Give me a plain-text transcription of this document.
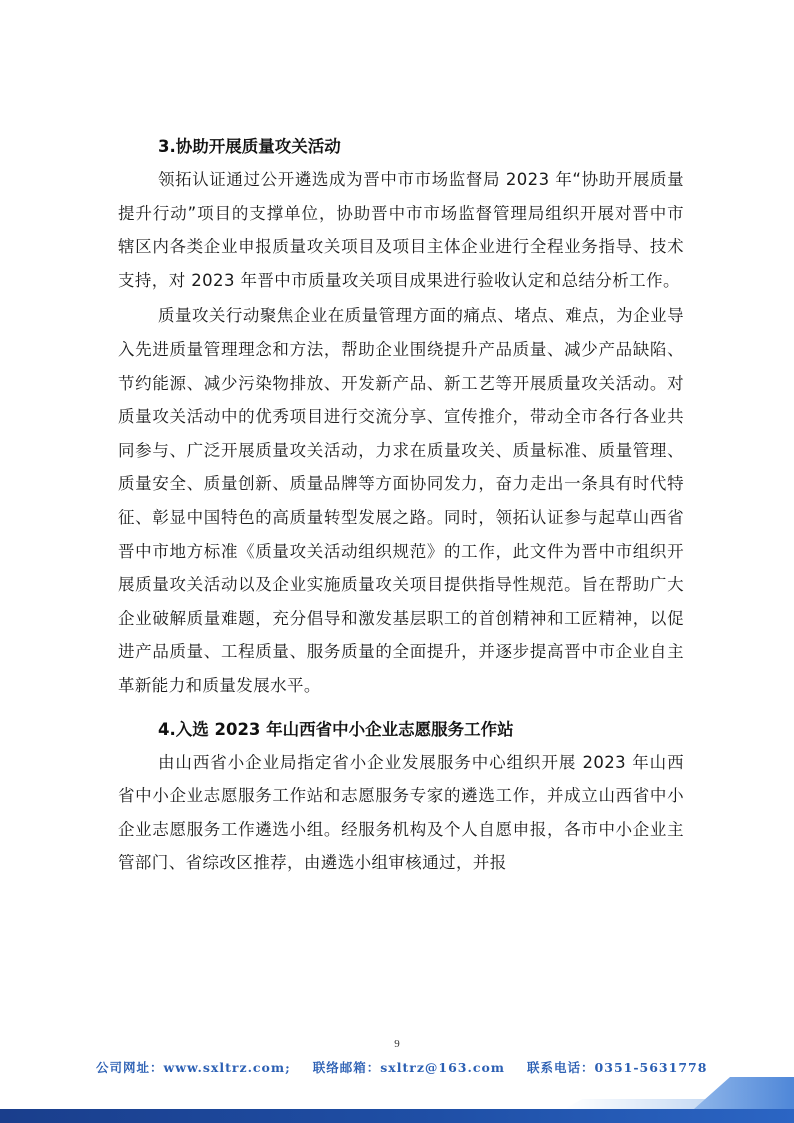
3.协助开展质量攻关活动

领拓认证通过公开遴选成为晋中市市场监督局 2023 年“协助开展质量提升行动”项目的支撑单位，协助晋中市市场监督管理局组织开展对晋中市辖区内各类企业申报质量攻关项目及项目主体企业进行全程业务指导、技术支持，对 2023 年晋中市质量攻关项目成果进行验收认定和总结分析工作。

质量攻关行动聚焦企业在质量管理方面的痛点、堵点、难点，为企业导入先进质量管理理念和方法，帮助企业围绕提升产品质量、减少产品缺陷、节约能源、减少污染物排放、开发新产品、新工艺等开展质量攻关活动。对质量攻关活动中的优秀项目进行交流分享、宣传推介，带动全市各行各业共同参与、广泛开展质量攻关活动，力求在质量攻关、质量标准、质量管理、质量安全、质量创新、质量品牌等方面协同发力，奋力走出一条具有时代特征、彰显中国特色的高质量转型发展之路。同时，领拓认证参与起草山西省晋中市地方标准《质量攻关活动组织规范》的工作，此文件为晋中市组织开展质量攻关活动以及企业实施质量攻关项目提供指导性规范。旨在帮助广大企业破解质量难题，充分倡导和激发基层职工的首创精神和工匠精神，以促进产品质量、工程质量、服务质量的全面提升，并逐步提高晋中市企业自主革新能力和质量发展水平。

4.入选 2023 年山西省中小企业志愿服务工作站

由山西省小企业局指定省小企业发展服务中心组织开展 2023 年山西省中小企业志愿服务工作站和志愿服务专家的遴选工作，并成立山西省中小企业志愿服务工作遴选小组。经服务机构及个人自愿申报，各市中小企业主管部门、省综改区推荐，由遴选小组审核通过，并报

9
公司网址：www.sxltrz.com; 联络邮箱：sxltrz@163.com 联系电话：0351-5631778
